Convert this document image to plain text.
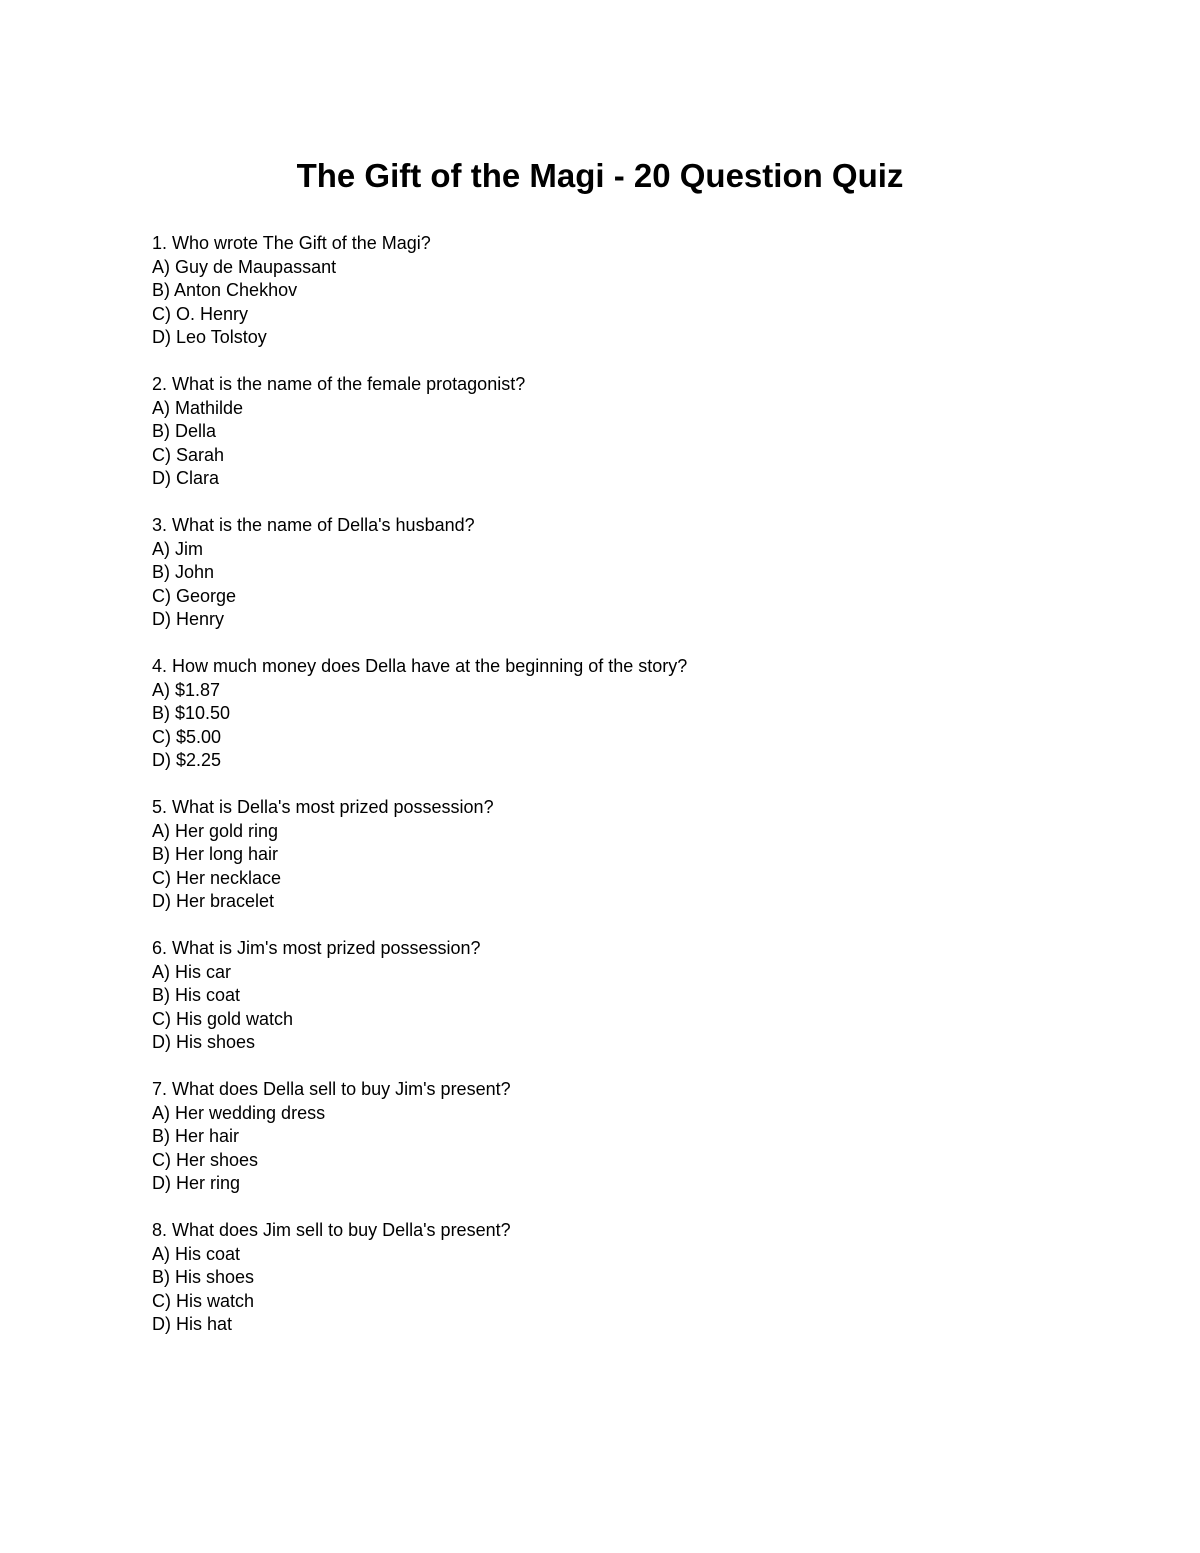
The Gift of the Magi - 20 Question Quiz

1. Who wrote The Gift of the Magi?

A) Guy de Maupassant

B) Anton Chekhov

C) O. Henry

D) Leo Tolstoy

2. What is the name of the female protagonist?

A) Mathilde

B) Della

C) Sarah

D) Clara

3. What is the name of Della's husband?

A) Jim

B) John

C) George

D) Henry

4. How much money does Della have at the beginning of the story?

A) $1.87

B) $10.50

C) $5.00

D) $2.25

5. What is Della's most prized possession?

A) Her gold ring

B) Her long hair

C) Her necklace

D) Her bracelet

6. What is Jim's most prized possession?

A) His car

B) His coat

C) His gold watch

D) His shoes

7. What does Della sell to buy Jim's present?

A) Her wedding dress

B) Her hair

C) Her shoes

D) Her ring

8. What does Jim sell to buy Della's present?

A) His coat

B) His shoes

C) His watch

D) His hat
